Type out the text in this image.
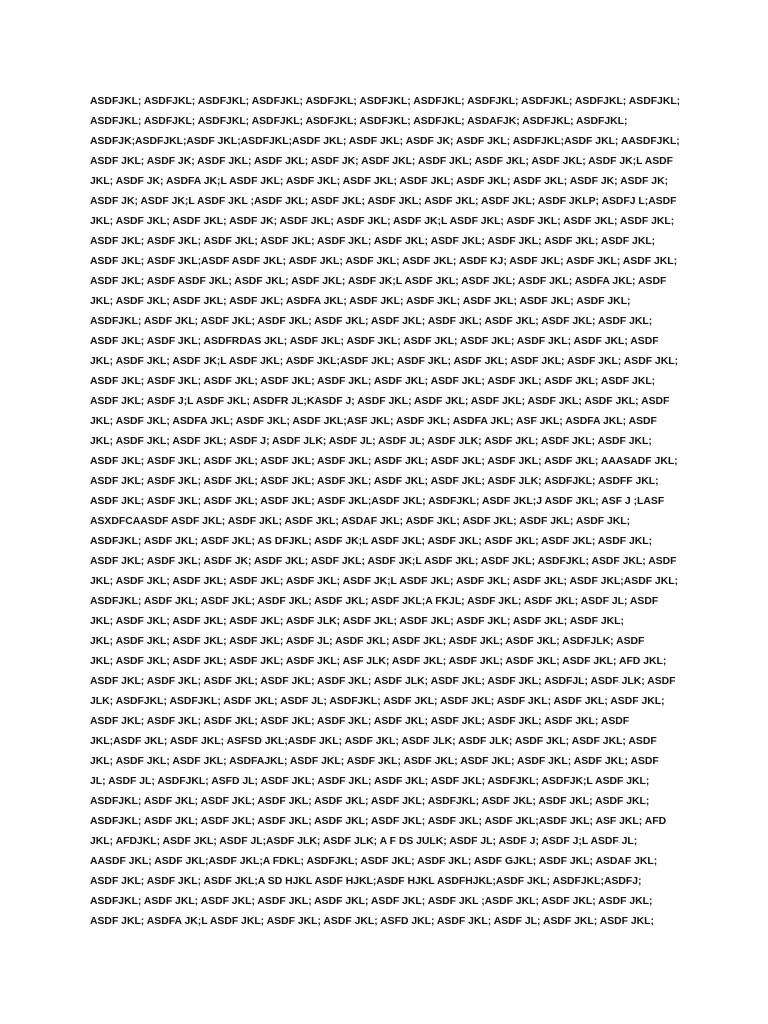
ASDFJKL; ASDFJKL; ASDFJKL; ASDFJKL; ASDFJKL; ASDFJKL; ASDFJKL; ASDFJKL; ASDFJKL; ASDFJKL; ASDFJKL;
ASDFJKL; ASDFJKL; ASDFJKL; ASDFJKL; ASDFJKL; ASDFJKL; ASDFJKL; ASDAFJK; ASDFJKL; ASDFJKL;
ASDFJK;ASDFJKL;ASDF JKL;ASDFJKL;ASDF JKL; ASDF JKL; ASDF JK; ASDF JKL; ASDFJKL;ASDF JKL; AASDFJKL;
ASDF JKL; ASDF JK; ASDF JKL; ASDF JKL; ASDF JK; ASDF JKL; ASDF JKL; ASDF JKL; ASDF JKL; ASDF JK;L ASDF
JKL; ASDF JK; ASDFA JK;L ASDF JKL; ASDF JKL; ASDF JKL; ASDF JKL; ASDF JKL; ASDF JKL; ASDF JK; ASDF JK;
ASDF JK; ASDF JK;L ASDF JKL ;ASDF JKL; ASDF JKL; ASDF JKL; ASDF JKL; ASDF JKL; ASDF JKLP; ASDFJ L;ASDF
JKL; ASDF JKL; ASDF JKL; ASDF JK; ASDF JKL; ASDF JKL; ASDF JK;L ASDF JKL; ASDF JKL; ASDF JKL; ASDF JKL;
ASDF JKL; ASDF JKL; ASDF JKL; ASDF JKL; ASDF JKL; ASDF JKL; ASDF JKL; ASDF JKL; ASDF JKL; ASDF JKL;
ASDF JKL; ASDF JKL;ASDF ASDF JKL; ASDF JKL; ASDF JKL; ASDF JKL; ASDF KJ; ASDF JKL; ASDF JKL; ASDF JKL;
ASDF JKL; ASDF ASDF JKL; ASDF JKL; ASDF JKL; ASDF JK;L ASDF JKL; ASDF JKL; ASDF JKL; ASDFA JKL; ASDF
JKL; ASDF JKL; ASDF JKL; ASDF JKL; ASDFA JKL; ASDF JKL; ASDF JKL; ASDF JKL; ASDF JKL; ASDF JKL;
ASDFJKL; ASDF JKL; ASDF JKL; ASDF JKL; ASDF JKL; ASDF JKL; ASDF JKL; ASDF JKL; ASDF JKL; ASDF JKL;
ASDF JKL; ASDF JKL; ASDFRDAS JKL; ASDF JKL; ASDF JKL; ASDF JKL; ASDF JKL; ASDF JKL; ASDF JKL; ASDF
JKL; ASDF JKL; ASDF JK;L ASDF JKL; ASDF JKL;ASDF JKL; ASDF JKL; ASDF JKL; ASDF JKL; ASDF JKL; ASDF JKL;
ASDF JKL; ASDF JKL; ASDF JKL; ASDF JKL; ASDF JKL; ASDF JKL; ASDF JKL; ASDF JKL; ASDF JKL; ASDF JKL;
ASDF JKL; ASDF J;L ASDF JKL; ASDFR JL;KASDF J; ASDF JKL; ASDF JKL; ASDF JKL; ASDF JKL; ASDF JKL; ASDF
JKL; ASDF JKL; ASDFA JKL; ASDF JKL; ASDF JKL;ASF JKL; ASDF JKL; ASDFA JKL; ASF JKL; ASDFA JKL; ASDF
JKL; ASDF JKL; ASDF JKL; ASDF J; ASDF JLK; ASDF JL; ASDF JL; ASDF JLK; ASDF JKL; ASDF JKL; ASDF JKL;
ASDF JKL; ASDF JKL; ASDF JKL; ASDF JKL; ASDF JKL; ASDF JKL; ASDF JKL; ASDF JKL; ASDF JKL; AAASADF JKL;
ASDF JKL; ASDF JKL; ASDF JKL; ASDF JKL; ASDF JKL; ASDF JKL; ASDF JKL; ASDF JLK; ASDFJKL; ASDFF JKL;
ASDF JKL; ASDF JKL; ASDF JKL; ASDF JKL; ASDF JKL;ASDF JKL; ASDFJKL; ASDF JKL;J ASDF JKL; ASF J ;LASF
ASXDFCAASDF ASDF JKL; ASDF JKL; ASDF JKL; ASDAF JKL; ASDF JKL; ASDF JKL; ASDF JKL; ASDF JKL;
ASDFJKL; ASDF JKL; ASDF JKL; AS DFJKL; ASDF JK;L ASDF JKL; ASDF JKL; ASDF JKL; ASDF JKL; ASDF JKL;
ASDF JKL; ASDF JKL; ASDF JK; ASDF JKL; ASDF JKL; ASDF JK;L ASDF JKL; ASDF JKL; ASDFJKL; ASDF JKL; ASDF
JKL; ASDF JKL; ASDF JKL; ASDF JKL; ASDF JKL; ASDF JK;L ASDF JKL; ASDF JKL; ASDF JKL; ASDF JKL;ASDF JKL;
ASDFJKL; ASDF JKL; ASDF JKL; ASDF JKL; ASDF JKL; ASDF JKL;A FKJL; ASDF JKL; ASDF JKL; ASDF JL; ASDF
JKL; ASDF JKL; ASDF JKL; ASDF JKL; ASDF JLK; ASDF JKL; ASDF JKL; ASDF JKL; ASDF JKL; ASDF JKL;
JKL; ASDF JKL; ASDF JKL; ASDF JKL; ASDF JL; ASDF JKL; ASDF JKL; ASDF JKL; ASDF JKL; ASDFJLK; ASDF
JKL; ASDF JKL; ASDF JKL; ASDF JKL; ASDF JKL; ASF JLK; ASDF JKL; ASDF JKL; ASDF JKL; ASDF JKL; AFD JKL;
ASDF JKL; ASDF JKL; ASDF JKL; ASDF JKL; ASDF JKL; ASDF JLK; ASDF JKL; ASDF JKL; ASDFJL; ASDF JLK; ASDF
JLK; ASDFJKL; ASDFJKL; ASDF JKL; ASDF JL; ASDFJKL; ASDF JKL; ASDF JKL; ASDF JKL; ASDF JKL; ASDF JKL;
ASDF JKL; ASDF JKL; ASDF JKL; ASDF JKL; ASDF JKL; ASDF JKL; ASDF JKL; ASDF JKL; ASDF JKL; ASDF
JKL;ASDF JKL; ASDF JKL; ASFSD JKL;ASDF JKL; ASDF JKL; ASDF JLK; ASDF JLK; ASDF JKL; ASDF JKL; ASDF
JKL; ASDF JKL; ASDF JKL; ASDFAJKL; ASDF JKL; ASDF JKL; ASDF JKL; ASDF JKL; ASDF JKL; ASDF JKL; ASDF
JL; ASDF JL; ASDFJKL; ASFD JL; ASDF JKL; ASDF JKL; ASDF JKL; ASDF JKL; ASDFJKL; ASDFJK;L ASDF JKL;
ASDFJKL; ASDF JKL; ASDF JKL; ASDF JKL; ASDF JKL; ASDF JKL; ASDFJKL; ASDF JKL; ASDF JKL; ASDF JKL;
ASDFJKL; ASDF JKL; ASDF JKL; ASDF JKL; ASDF JKL; ASDF JKL; ASDF JKL; ASDF JKL;ASDF JKL; ASF JKL; AFD
JKL; AFDJKL; ASDF JKL; ASDF JL;ASDF JLK; ASDF JLK; A F DS JULK; ASDF JL; ASDF J; ASDF J;L ASDF JL;
AASDF JKL; ASDF JKL;ASDF JKL;A FDKL; ASDFJKL; ASDF JKL; ASDF JKL; ASDF GJKL; ASDF JKL; ASDAF JKL;
ASDF JKL; ASDF JKL; ASDF JKL;A SD HJKL ASDF HJKL;ASDF HJKL ASDFHJKL;ASDF JKL; ASDFJKL;ASDFJ;
ASDFJKL; ASDF JKL; ASDF JKL; ASDF JKL; ASDF JKL; ASDF JKL; ASDF JKL ;ASDF JKL; ASDF JKL; ASDF JKL;
ASDF JKL; ASDFA JK;L ASDF JKL; ASDF JKL; ASDF JKL; ASFD JKL; ASDF JKL; ASDF JL; ASDF JKL; ASDF JKL;
